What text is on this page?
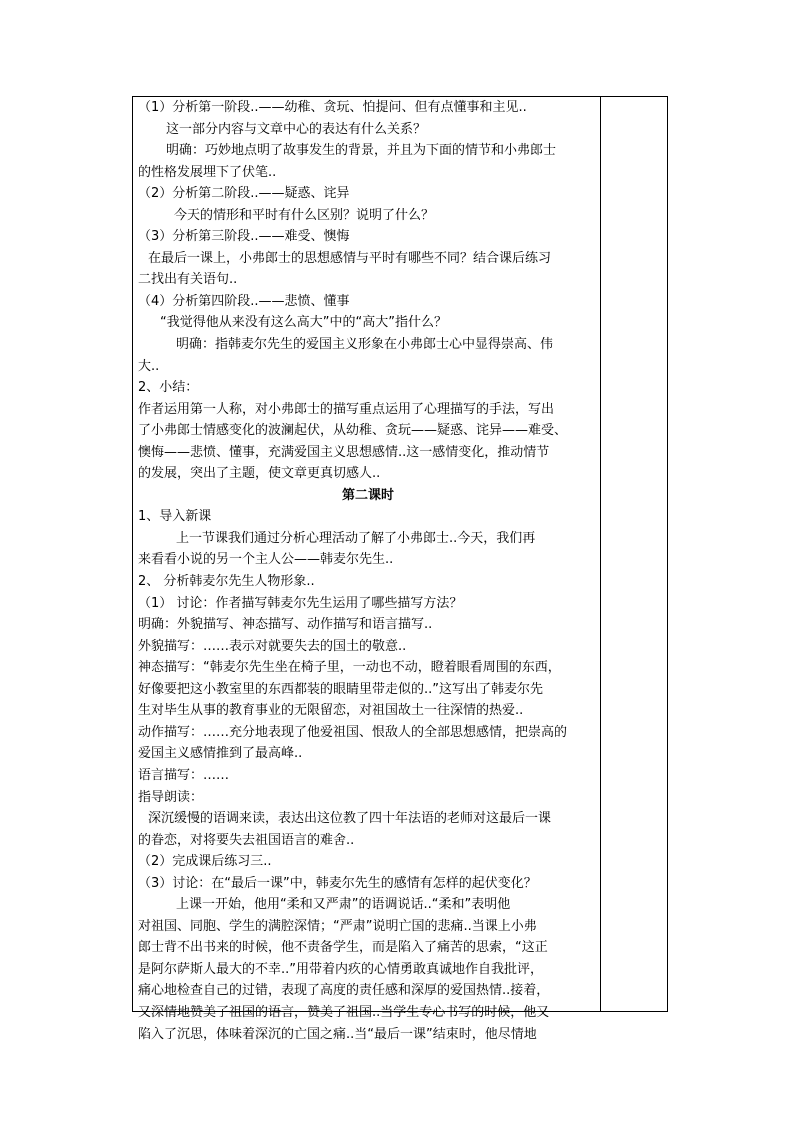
（1）分析第一阶段..——幼稚、贪玩、怕提问、但有点懂事和主见..
这一部分内容与文章中心的表达有什么关系？
明确：巧妙地点明了故事发生的背景，并且为下面的情节和小弗郎士
的性格发展埋下了伏笔..
（2）分析第二阶段..——疑惑、诧异
今天的情形和平时有什么区别？说明了什么？
（3）分析第三阶段..——难受、懊悔
在最后一课上，小弗郎士的思想感情与平时有哪些不同？结合课后练习
二找出有关语句..
（4）分析第四阶段..——悲愤、懂事
“我觉得他从来没有这么高大”中的“高大”指什么？
明确：指韩麦尔先生的爱国主义形象在小弗郎士心中显得崇高、伟
大..
2、小结：
作者运用第一人称，对小弗郎士的描写重点运用了心理描写的手法，写出
了小弗郎士情感变化的波澜起伏，从幼稚、贪玩——疑惑、诧异——难受、
懊悔——悲愤、懂事，充满爱国主义思想感情..这一感情变化，推动情节
的发展，突出了主题，使文章更真切感人..
第二课时
1、导入新课
上一节课我们通过分析心理活动了解了小弗郎士..今天，我们再
来看看小说的另一个主人公——韩麦尔先生..
2、 分析韩麦尔先生人物形象..
（1） 讨论：作者描写韩麦尔先生运用了哪些描写方法？
明确：外貌描写、神态描写、动作描写和语言描写..
外貌描写：……表示对就要失去的国土的敬意..
神态描写：“韩麦尔先生坐在椅子里，一动也不动，瞪着眼看周围的东西，
好像要把这小教室里的东西都装的眼睛里带走似的..”这写出了韩麦尔先
生对毕生从事的教育事业的无限留恋，对祖国故土一往深情的热爱..
动作描写：……充分地表现了他爱祖国、恨敌人的全部思想感情，把崇高的
爱国主义感情推到了最高峰..
语言描写：……
指导朗读：
深沉缓慢的语调来读，表达出这位教了四十年法语的老师对这最后一课
的眷恋，对将要失去祖国语言的难舍..
（2）完成课后练习三..
（3）讨论：在“最后一课”中，韩麦尔先生的感情有怎样的起伏变化？
上课一开始，他用“柔和又严肃”的语调说话..“柔和”表明他
对祖国、同胞、学生的满腔深情；“严肃”说明亡国的悲痛..当课上小弗
郎士背不出书来的时候，他不责备学生，而是陷入了痛苦的思索，“这正
是阿尔萨斯人最大的不幸..”用带着内疚的心情勇敢真诚地作自我批评，
痛心地检查自己的过错，表现了高度的责任感和深厚的爱国热情..接着，
又深情地赞美了祖国的语言，赞美了祖国..当学生专心书写的时候，他又
陷入了沉思，体味着深沉的亡国之痛..当“最后一课”结束时，他尽情地
